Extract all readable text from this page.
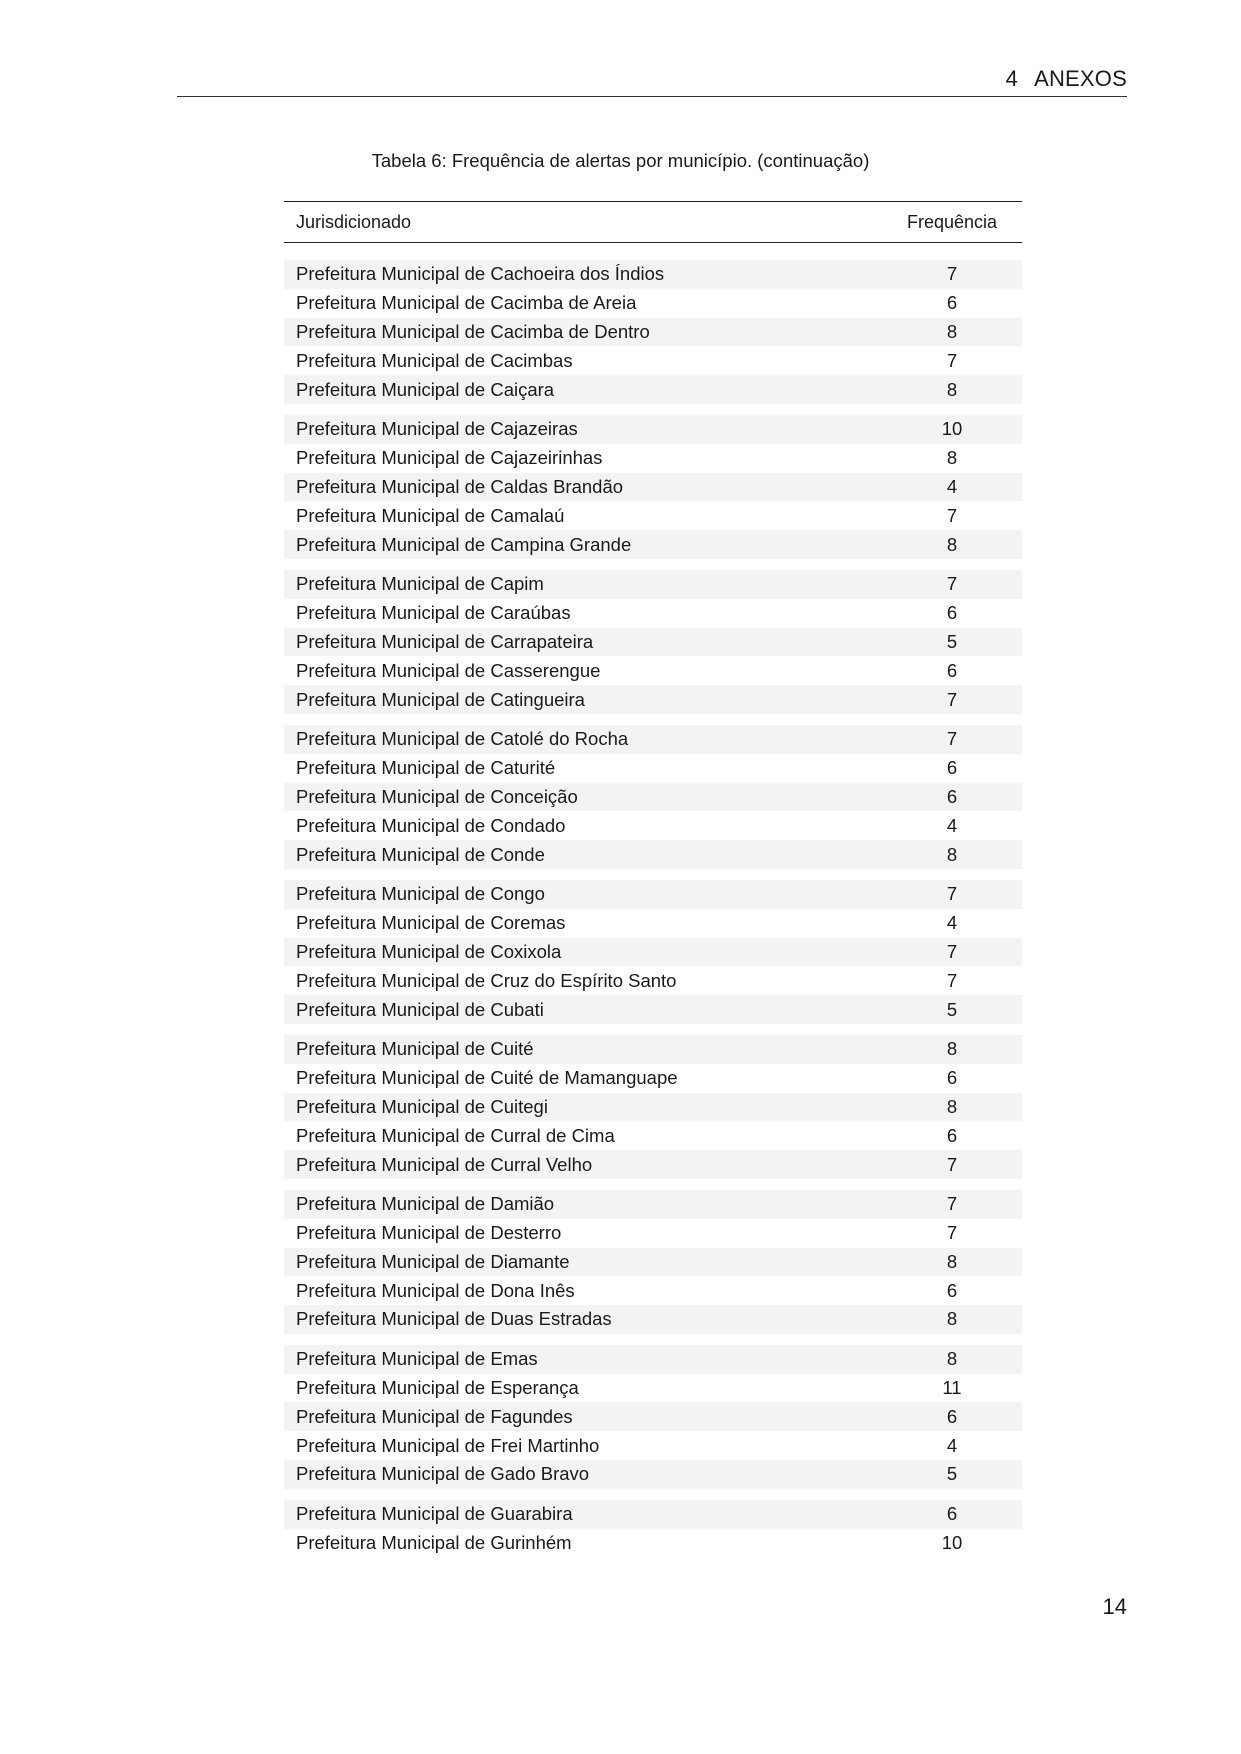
4 ANEXOS
Tabela 6: Frequência de alertas por município. (continuação)
Jurisdicionado	Frequência
Prefeitura Municipal de Cachoeira dos Índios	7
Prefeitura Municipal de Cacimba de Areia	6
Prefeitura Municipal de Cacimba de Dentro	8
Prefeitura Municipal de Cacimbas	7
Prefeitura Municipal de Caiçara	8
Prefeitura Municipal de Cajazeiras	10
Prefeitura Municipal de Cajazeirinhas	8
Prefeitura Municipal de Caldas Brandão	4
Prefeitura Municipal de Camalaú	7
Prefeitura Municipal de Campina Grande	8
Prefeitura Municipal de Capim	7
Prefeitura Municipal de Caraúbas	6
Prefeitura Municipal de Carrapateira	5
Prefeitura Municipal de Casserengue	6
Prefeitura Municipal de Catingueira	7
Prefeitura Municipal de Catolé do Rocha	7
Prefeitura Municipal de Caturité	6
Prefeitura Municipal de Conceição	6
Prefeitura Municipal de Condado	4
Prefeitura Municipal de Conde	8
Prefeitura Municipal de Congo	7
Prefeitura Municipal de Coremas	4
Prefeitura Municipal de Coxixola	7
Prefeitura Municipal de Cruz do Espírito Santo	7
Prefeitura Municipal de Cubati	5
Prefeitura Municipal de Cuité	8
Prefeitura Municipal de Cuité de Mamanguape	6
Prefeitura Municipal de Cuitegi	8
Prefeitura Municipal de Curral de Cima	6
Prefeitura Municipal de Curral Velho	7
Prefeitura Municipal de Damião	7
Prefeitura Municipal de Desterro	7
Prefeitura Municipal de Diamante	8
Prefeitura Municipal de Dona Inês	6
Prefeitura Municipal de Duas Estradas	8
Prefeitura Municipal de Emas	8
Prefeitura Municipal de Esperança	11
Prefeitura Municipal de Fagundes	6
Prefeitura Municipal de Frei Martinho	4
Prefeitura Municipal de Gado Bravo	5
Prefeitura Municipal de Guarabira	6
Prefeitura Municipal de Gurinhém	10
14
